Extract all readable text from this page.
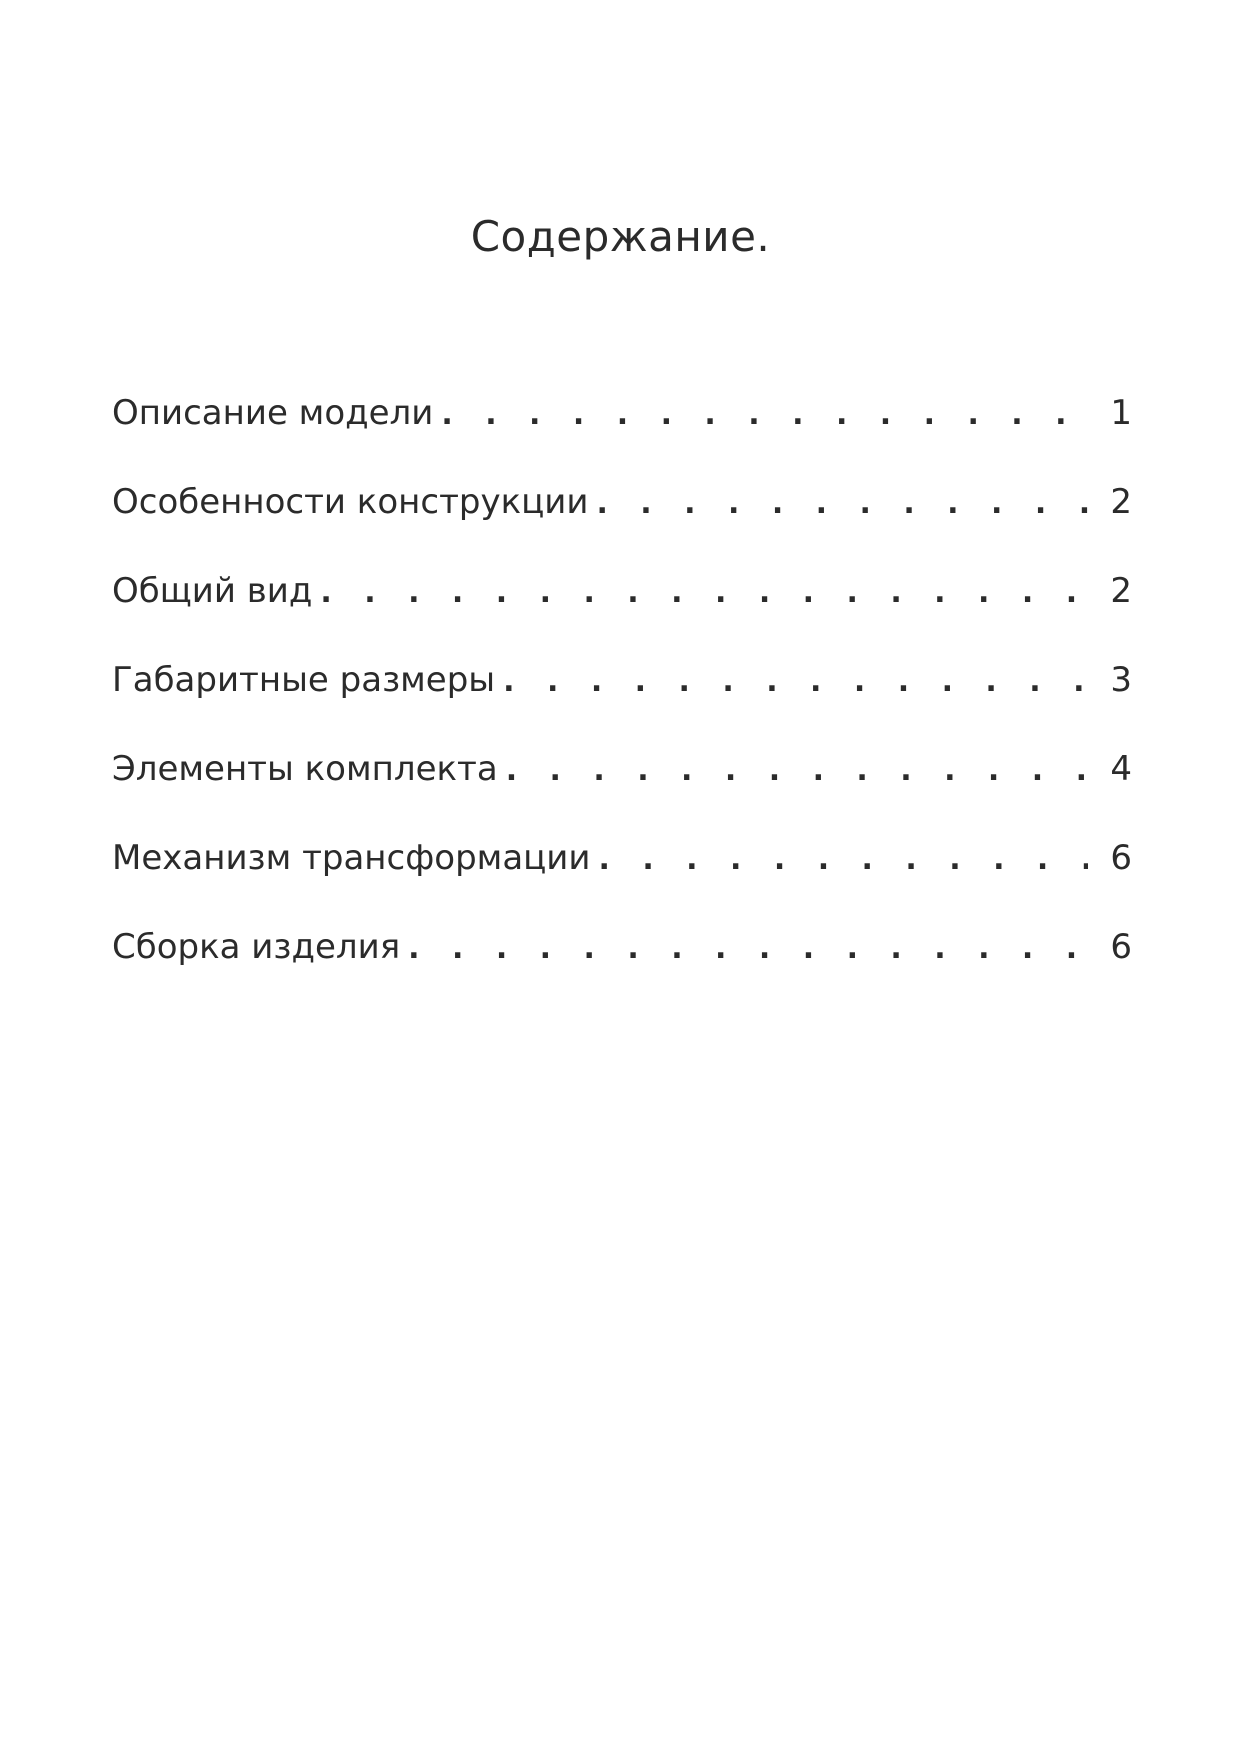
Содержание.
Описание модели . . .	1
Особенности конструкции . . .	2
Общий вид . . .	2
Габаритные размеры . . .	3
Элементы комплекта . . .	4
Механизм трансформации . . .	6
Сборка изделия . . .	6
